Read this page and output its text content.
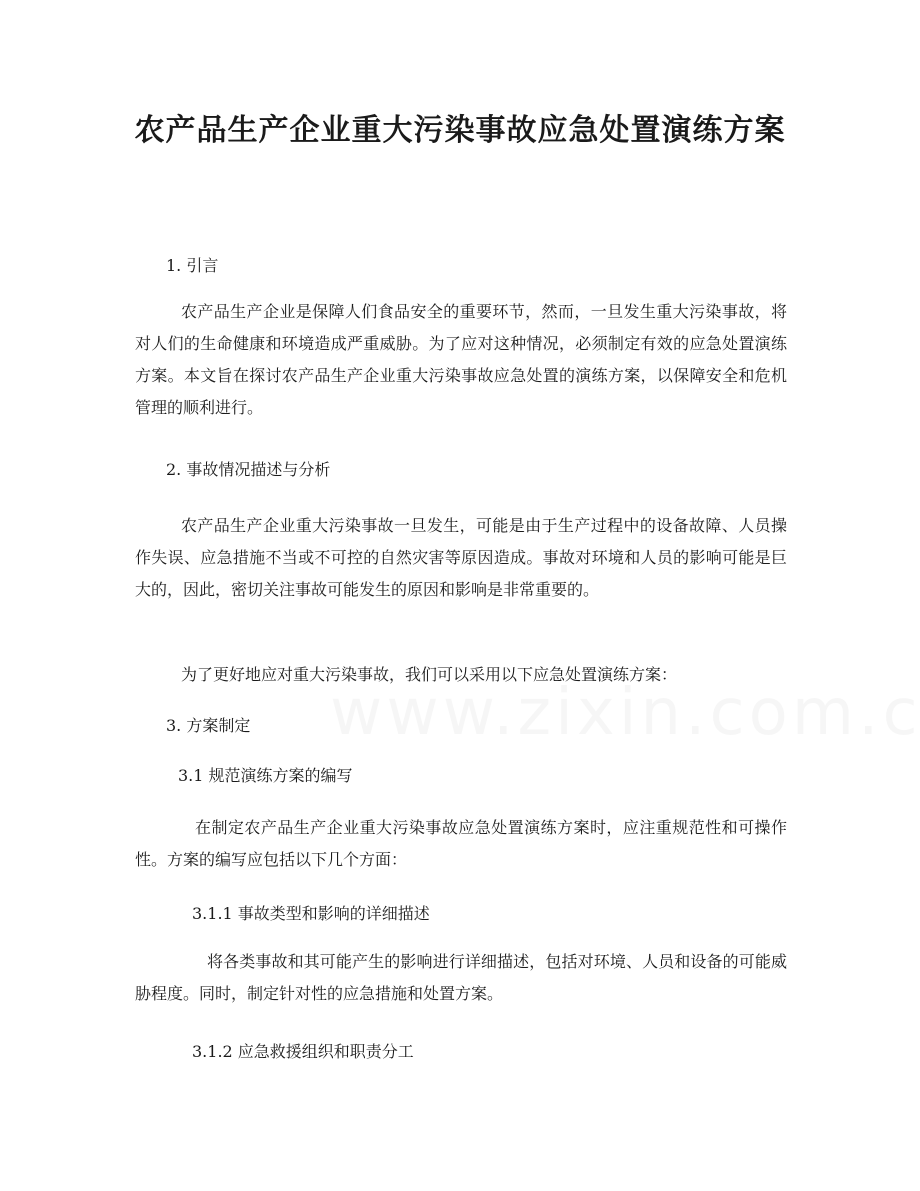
农产品生产企业重大污染事故应急处置演练方案
1. 引言
农产品生产企业是保障人们食品安全的重要环节，然而，一旦发生重大污染事故，将对人们的生命健康和环境造成严重威胁。为了应对这种情况，必须制定有效的应急处置演练方案。本文旨在探讨农产品生产企业重大污染事故应急处置的演练方案，以保障安全和危机管理的顺利进行。
2. 事故情况描述与分析
农产品生产企业重大污染事故一旦发生，可能是由于生产过程中的设备故障、人员操作失误、应急措施不当或不可控的自然灾害等原因造成。事故对环境和人员的影响可能是巨大的，因此，密切关注事故可能发生的原因和影响是非常重要的。
为了更好地应对重大污染事故，我们可以采用以下应急处置演练方案：
3. 方案制定
3.1 规范演练方案的编写
在制定农产品生产企业重大污染事故应急处置演练方案时，应注重规范性和可操作性。方案的编写应包括以下几个方面：
3.1.1 事故类型和影响的详细描述
将各类事故和其可能产生的影响进行详细描述，包括对环境、人员和设备的可能威胁程度。同时，制定针对性的应急措施和处置方案。
3.1.2 应急救援组织和职责分工
